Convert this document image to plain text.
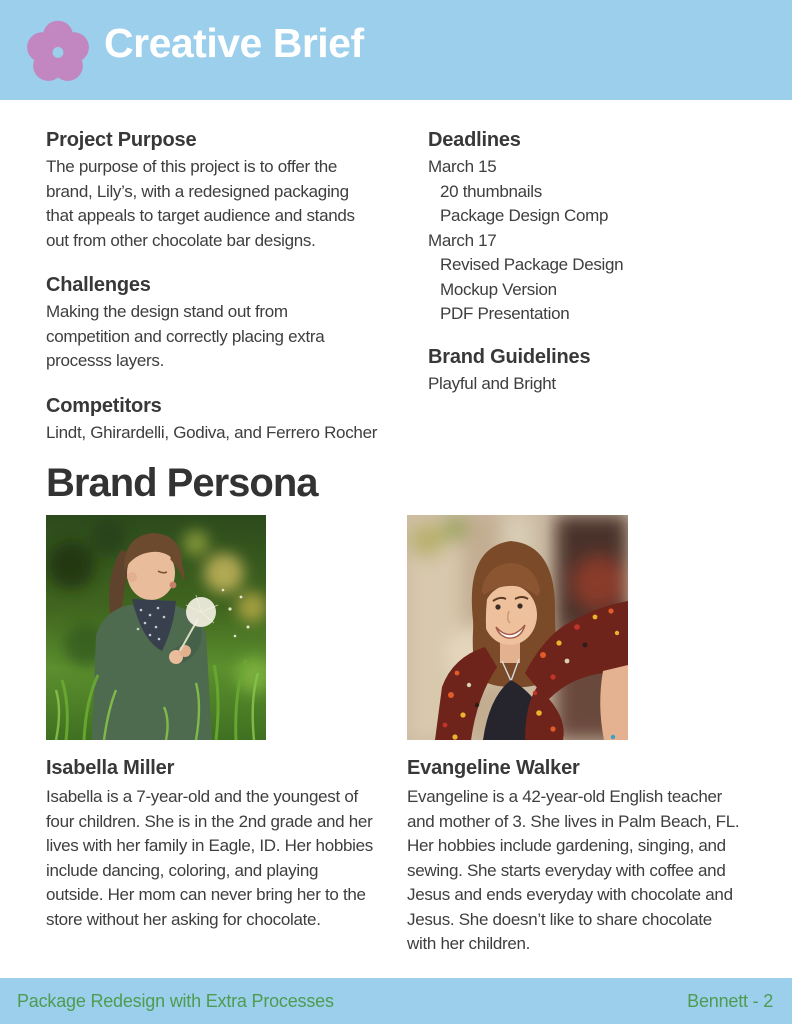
Creative Brief
Project Purpose

The purpose of this project is to offer the
brand, Lily’s, with a redesigned packaging
that appeals to target audience and stands
out from other chocolate bar designs.

Challenges

Making the design stand out from
competition and correctly placing extra
processs layers.

Competitors

Lindt, Ghirardelli, Godiva, and Ferrero Rocher

Deadlines
March 15
20 thumbnails
Package Design Comp
March 17
Revised Package Design
Mockup Version
PDF Presentation
Brand Guidelines
Playful and Bright
Brand Persona
Isabella Miller

Isabella is a 7-year-old and the youngest of
four children. She is in the 2nd grade and her
lives with her family in Eagle, ID. Her hobbies
include dancing, coloring, and playing
outside. Her mom can never bring her to the
store without her asking for chocolate.

Evangeline Walker

Evangeline is a 42-year-old English teacher
and mother of 3. She lives in Palm Beach, FL.
Her hobbies include gardening, singing, and
sewing. She starts everyday with coffee and
Jesus and ends everyday with chocolate and
Jesus. She doesn’t like to share chocolate
with her children.

Package Redesign with Extra Processes	Bennett - 2
